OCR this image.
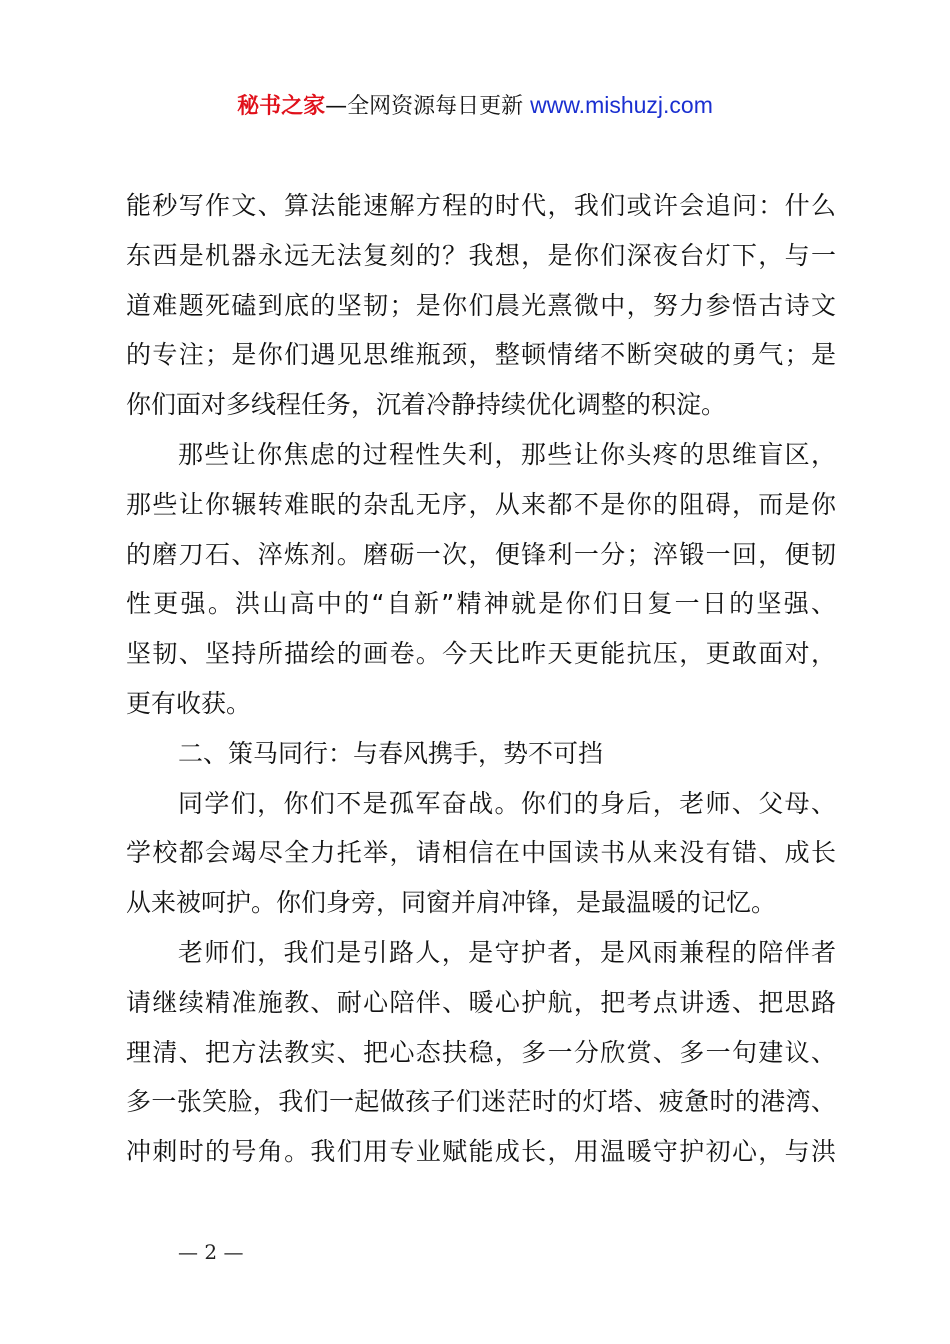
秘书之家—全网资源每日更新 www.mishuzj.com
能秒写作文、算法能速解方程的时代，我们或许会追问：什么
东西是机器永远无法复刻的？我想，是你们深夜台灯下，与一
道难题死磕到底的坚韧；是你们晨光熹微中，努力参悟古诗文
的专注；是你们遇见思维瓶颈，整顿情绪不断突破的勇气；是
你们面对多线程任务，沉着冷静持续优化调整的积淀。
那些让你焦虑的过程性失利，那些让你头疼的思维盲区，
那些让你辗转难眠的杂乱无序，从来都不是你的阻碍，而是你
的磨刀石、淬炼剂。磨砺一次，便锋利一分；淬锻一回，便韧
性更强。洪山高中的“自新”精神就是你们日复一日的坚强、
坚韧、坚持所描绘的画卷。今天比昨天更能抗压，更敢面对，
更有收获。
二、策马同行：与春风携手，势不可挡
同学们，你们不是孤军奋战。你们的身后，老师、父母、
学校都会竭尽全力托举，请相信在中国读书从来没有错、成长
从来被呵护。你们身旁，同窗并肩冲锋，是最温暖的记忆。
老师们，我们是引路人，是守护者，是风雨兼程的陪伴者
请继续精准施教、耐心陪伴、暖心护航，把考点讲透、把思路
理清、把方法教实、把心态扶稳，多一分欣赏、多一句建议、
多一张笑脸，我们一起做孩子们迷茫时的灯塔、疲惫时的港湾、
冲刺时的号角。我们用专业赋能成长，用温暖守护初心，与洪
— 2 —
